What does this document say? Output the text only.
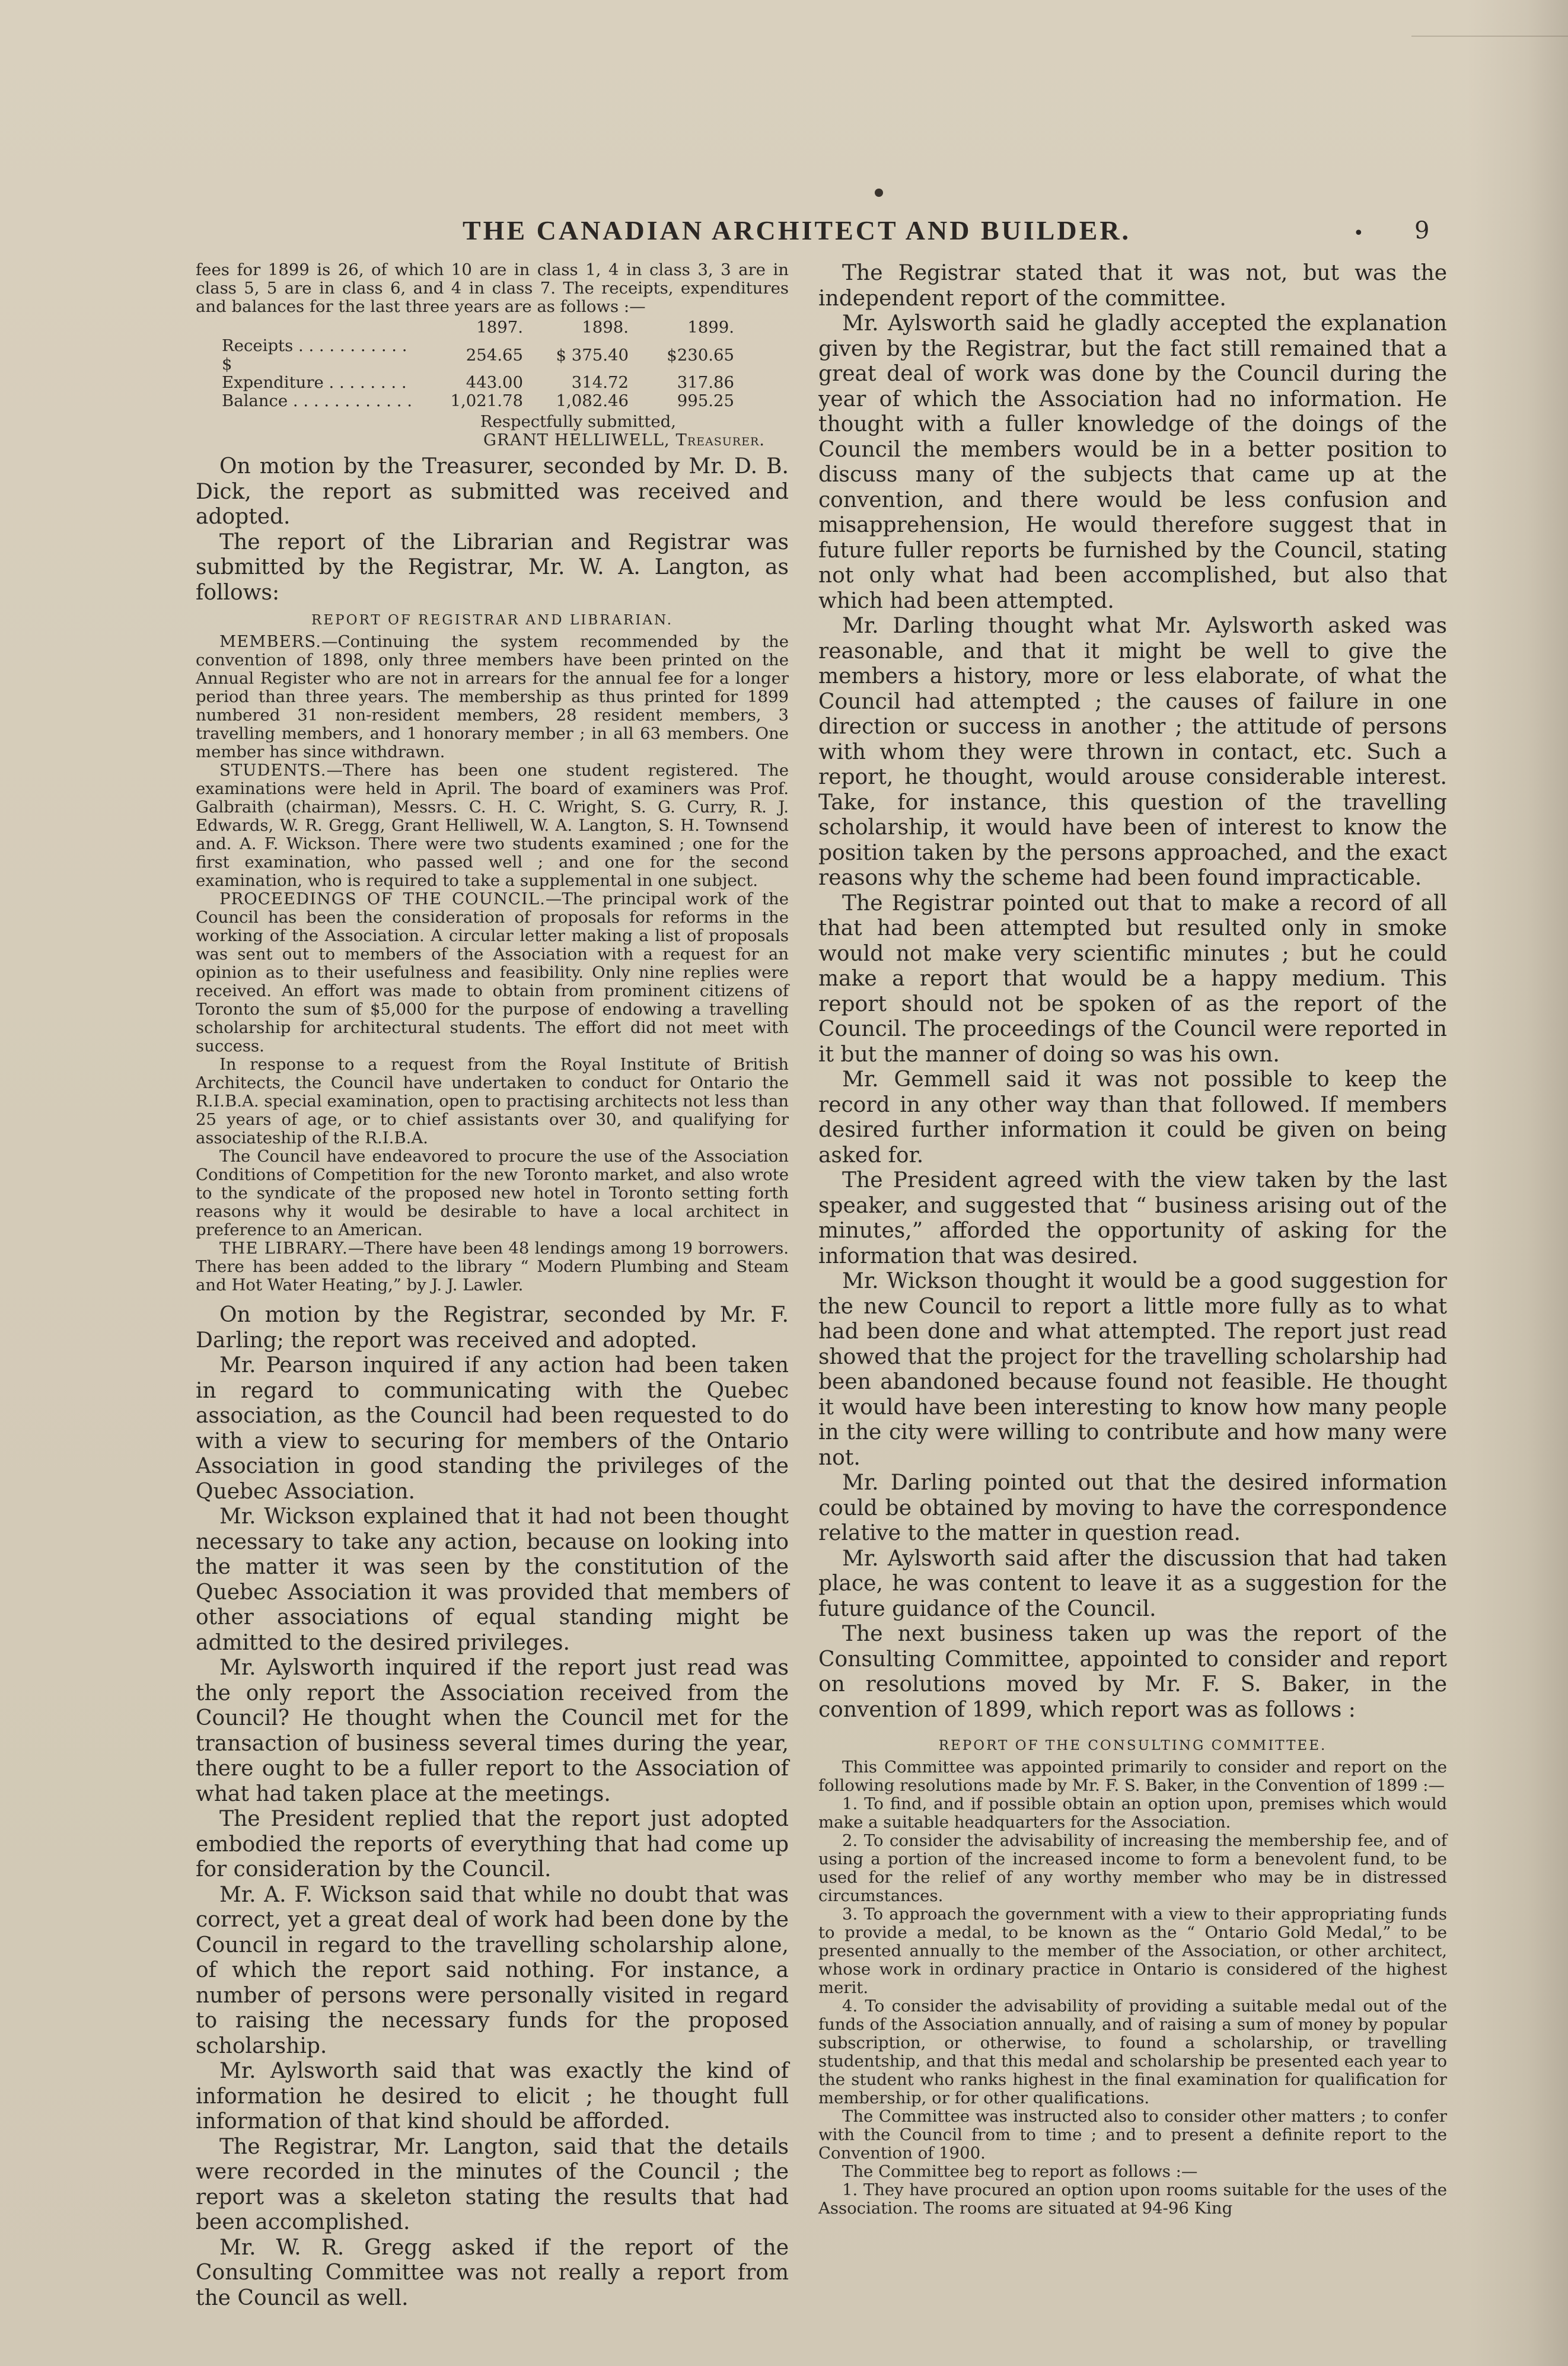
THE CANADIAN ARCHITECT AND BUILDER.	• 9

fees for 1899 is 26, of which 10 are in class 1, 4 in class 3, 3 are in class 5, 5 are in class 6, and 4 in class 7. The receipts, expenditures and balances for the last three years are as follows :—

	1897.	1898.	1899.
Receipts . . . . . . . . . . . $	254.65	$ 375.40	$230.65
Expenditure . . . . . . . .	443.00	314.72	317.86
Balance . . . . . . . . . . . .	1,021.78	1,082.46	995.25
Respectfully submitted,
GRANT HELLIWELL, Treasurer.

On motion by the Treasurer, seconded by Mr. D. B. Dick, the report as submitted was received and adopted.

The report of the Librarian and Registrar was submitted by the Registrar, Mr. W. A. Langton, as follows:

REPORT OF REGISTRAR AND LIBRARIAN.

MEMBERS.—Continuing the system recommended by the convention of 1898, only three members have been printed on the Annual Register who are not in arrears for the annual fee for a longer period than three years. The membership as thus printed for 1899 numbered 31 non-resident members, 28 resident members, 3 travelling members, and 1 honorary member ; in all 63 members. One member has since withdrawn.

STUDENTS.—There has been one student registered. The examinations were held in April. The board of examiners was Prof. Galbraith (chairman), Messrs. C. H. C. Wright, S. G. Curry, R. J. Edwards, W. R. Gregg, Grant Helliwell, W. A. Langton, S. H. Townsend and. A. F. Wickson. There were two students examined ; one for the first examination, who passed well ; and one for the second examination, who is required to take a supplemental in one subject.

PROCEEDINGS OF THE COUNCIL.—The principal work of the Council has been the consideration of proposals for reforms in the working of the Association. A circular letter making a list of proposals was sent out to members of the Association with a request for an opinion as to their usefulness and feasibility. Only nine replies were received. An effort was made to obtain from prominent citizens of Toronto the sum of $5,000 for the purpose of endowing a travelling scholarship for architectural students. The effort did not meet with success.

In response to a request from the Royal Institute of British Architects, the Council have undertaken to conduct for Ontario the R.I.B.A. special examination, open to practising architects not less than 25 years of age, or to chief assistants over 30, and qualifying for associateship of the R.I.B.A.

The Council have endeavored to procure the use of the Association Conditions of Competition for the new Toronto market, and also wrote to the syndicate of the proposed new hotel in Toronto setting forth reasons why it would be desirable to have a local architect in preference to an American.

THE LIBRARY.—There have been 48 lendings among 19 borrowers. There has been added to the library “ Modern Plumbing and Steam and Hot Water Heating,” by J. J. Lawler.

On motion by the Registrar, seconded by Mr. F. Darling; the report was received and adopted.

Mr. Pearson inquired if any action had been taken in regard to communicating with the Quebec association, as the Council had been requested to do with a view to securing for members of the Ontario Association in good standing the privileges of the Quebec Association.

Mr. Wickson explained that it had not been thought necessary to take any action, because on looking into the matter it was seen by the constitution of the Quebec Association it was provided that members of other associations of equal standing might be admitted to the desired privileges.

Mr. Aylsworth inquired if the report just read was the only report the Association received from the Council? He thought when the Council met for the transaction of business several times during the year, there ought to be a fuller report to the Association of what had taken place at the meetings.

The President replied that the report just adopted embodied the reports of everything that had come up for consideration by the Council.

Mr. A. F. Wickson said that while no doubt that was correct, yet a great deal of work had been done by the Council in regard to the travelling scholarship alone, of which the report said nothing. For instance, a number of persons were personally visited in regard to raising the necessary funds for the proposed scholarship.

Mr. Aylsworth said that was exactly the kind of information he desired to elicit ; he thought full information of that kind should be afforded.

The Registrar, Mr. Langton, said that the details were recorded in the minutes of the Council ; the report was a skeleton stating the results that had been accomplished.

Mr. W. R. Gregg asked if the report of the Consulting Committee was not really a report from the Council as well.

The Registrar stated that it was not, but was the independent report of the committee.

Mr. Aylsworth said he gladly accepted the explanation given by the Registrar, but the fact still remained that a great deal of work was done by the Council during the year of which the Association had no information. He thought with a fuller knowledge of the doings of the Council the members would be in a better position to discuss many of the subjects that came up at the convention, and there would be less confusion and misapprehension, He would therefore suggest that in future fuller reports be furnished by the Council, stating not only what had been accomplished, but also that which had been attempted.

Mr. Darling thought what Mr. Aylsworth asked was reasonable, and that it might be well to give the members a history, more or less elaborate, of what the Council had attempted ; the causes of failure in one direction or success in another ; the attitude of persons with whom they were thrown in contact, etc. Such a report, he thought, would arouse considerable interest. Take, for instance, this question of the travelling scholarship, it would have been of interest to know the position taken by the persons approached, and the exact reasons why the scheme had been found impracticable.

The Registrar pointed out that to make a record of all that had been attempted but resulted only in smoke would not make very scientific minutes ; but he could make a report that would be a happy medium. This report should not be spoken of as the report of the Council. The proceedings of the Council were reported in it but the manner of doing so was his own.

Mr. Gemmell said it was not possible to keep the record in any other way than that followed. If members desired further information it could be given on being asked for.

The President agreed with the view taken by the last speaker, and suggested that “ business arising out of the minutes,” afforded the opportunity of asking for the information that was desired.

Mr. Wickson thought it would be a good suggestion for the new Council to report a little more fully as to what had been done and what attempted. The report just read showed that the project for the travelling scholarship had been abandoned because found not feasible. He thought it would have been interesting to know how many people in the city were willing to contribute and how many were not.

Mr. Darling pointed out that the desired information could be obtained by moving to have the correspondence relative to the matter in question read.

Mr. Aylsworth said after the discussion that had taken place, he was content to leave it as a suggestion for the future guidance of the Council.

The next business taken up was the report of the Consulting Committee, appointed to consider and report on resolutions moved by Mr. F. S. Baker, in the convention of 1899, which report was as follows :

REPORT OF THE CONSULTING COMMITTEE.

This Committee was appointed primarily to consider and report on the following resolutions made by Mr. F. S. Baker, in the Convention of 1899 :—

1. To find, and if possible obtain an option upon, premises which would make a suitable headquarters for the Association.

2. To consider the advisability of increasing the membership fee, and of using a portion of the increased income to form a benevolent fund, to be used for the relief of any worthy member who may be in distressed circumstances.

3. To approach the government with a view to their appropriating funds to provide a medal, to be known as the “ Ontario Gold Medal,” to be presented annually to the member of the Association, or other architect, whose work in ordinary practice in Ontario is considered of the highest merit.

4. To consider the advisability of providing a suitable medal out of the funds of the Association annually, and of raising a sum of money by popular subscription, or otherwise, to found a scholarship, or travelling studentship, and that this medal and scholarship be presented each year to the student who ranks highest in the final examination for qualification for membership, or for other qualifications.

The Committee was instructed also to consider other matters ; to confer with the Council from to time ; and to present a definite report to the Convention of 1900.

The Committee beg to report as follows :—

1. They have procured an option upon rooms suitable for the uses of the Association. The rooms are situated at 94-96 King
